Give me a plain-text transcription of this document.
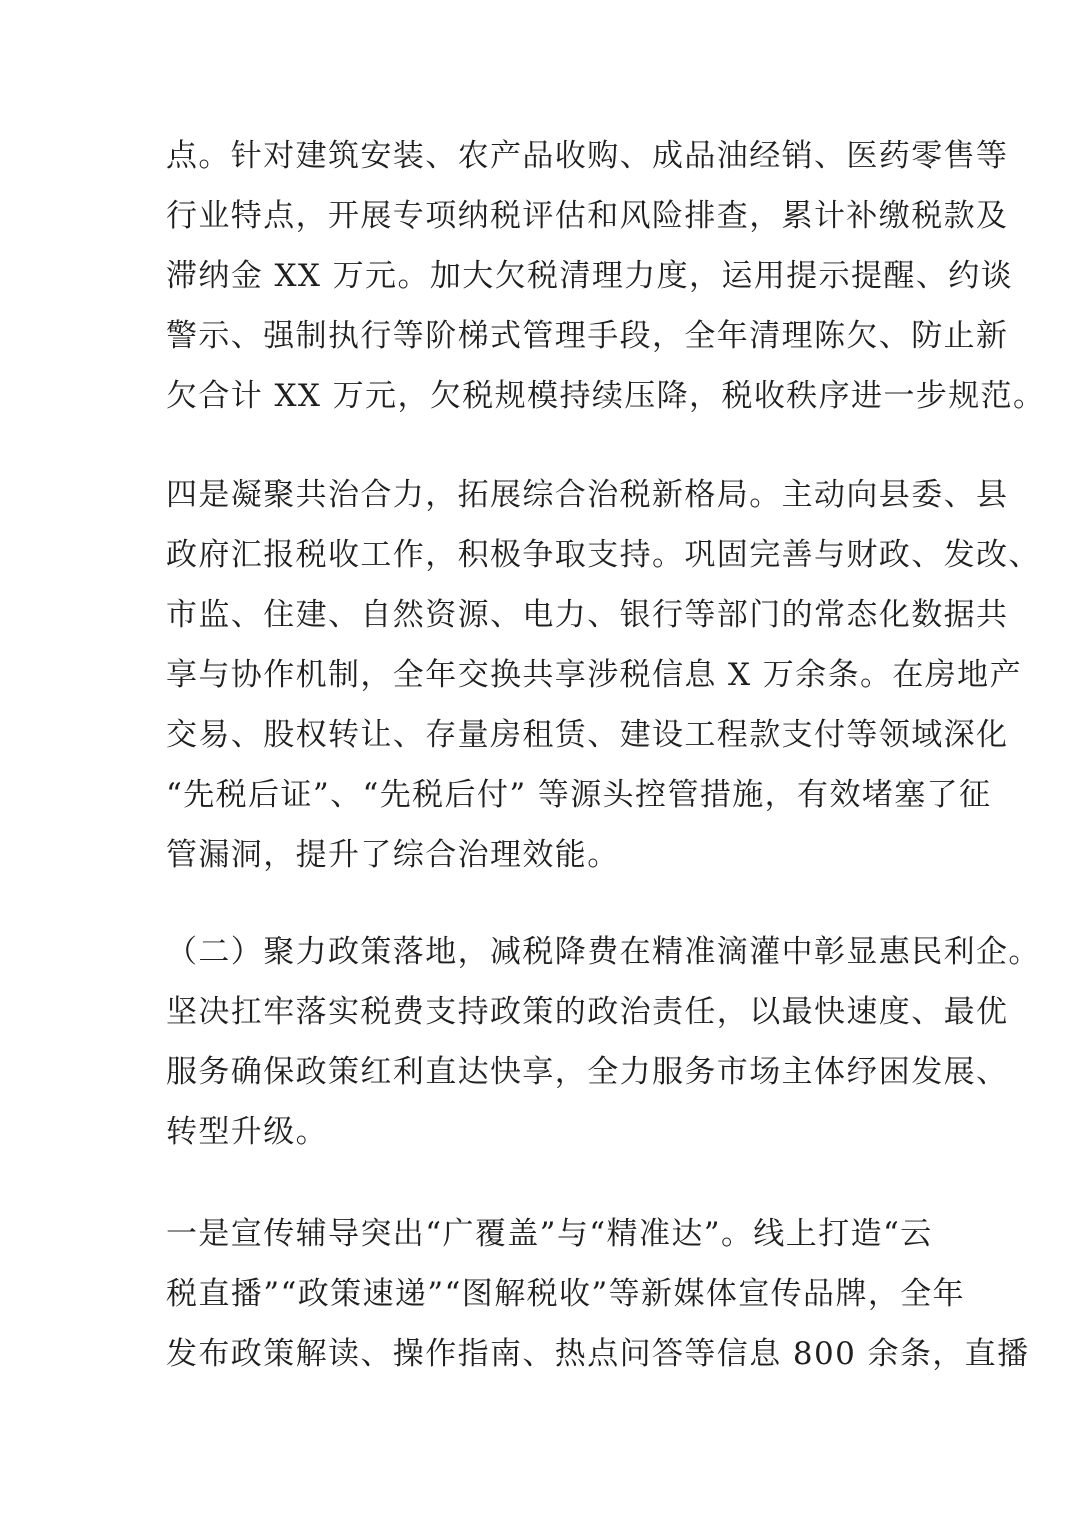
点。针对建筑安装、农产品收购、成品油经销、医药零售等
行业特点，开展专项纳税评估和风险排查，累计补缴税款及
滞纳金 XX 万元。加大欠税清理力度，运用提示提醒、约谈
警示、强制执行等阶梯式管理手段，全年清理陈欠、防止新
欠合计 XX 万元，欠税规模持续压降，税收秩序进一步规范。
四是凝聚共治合力，拓展综合治税新格局。主动向县委、县
政府汇报税收工作，积极争取支持。巩固完善与财政、发改、
市监、住建、自然资源、电力、银行等部门的常态化数据共
享与协作机制，全年交换共享涉税信息 X 万余条。在房地产
交易、股权转让、存量房租赁、建设工程款支付等领域深化
“先税后证”、“先税后付” 等源头控管措施，有效堵塞了征
管漏洞，提升了综合治理效能。
（二）聚力政策落地，减税降费在精准滴灌中彰显惠民利企。
坚决扛牢落实税费支持政策的政治责任，以最快速度、最优
服务确保政策红利直达快享，全力服务市场主体纾困发展、
转型升级。
一是宣传辅导突出“广覆盖”与“精准达”。线上打造“云
税直播”“政策速递”“图解税收”等新媒体宣传品牌，全年
发布政策解读、操作指南、热点问答等信息 800 余条，直播
